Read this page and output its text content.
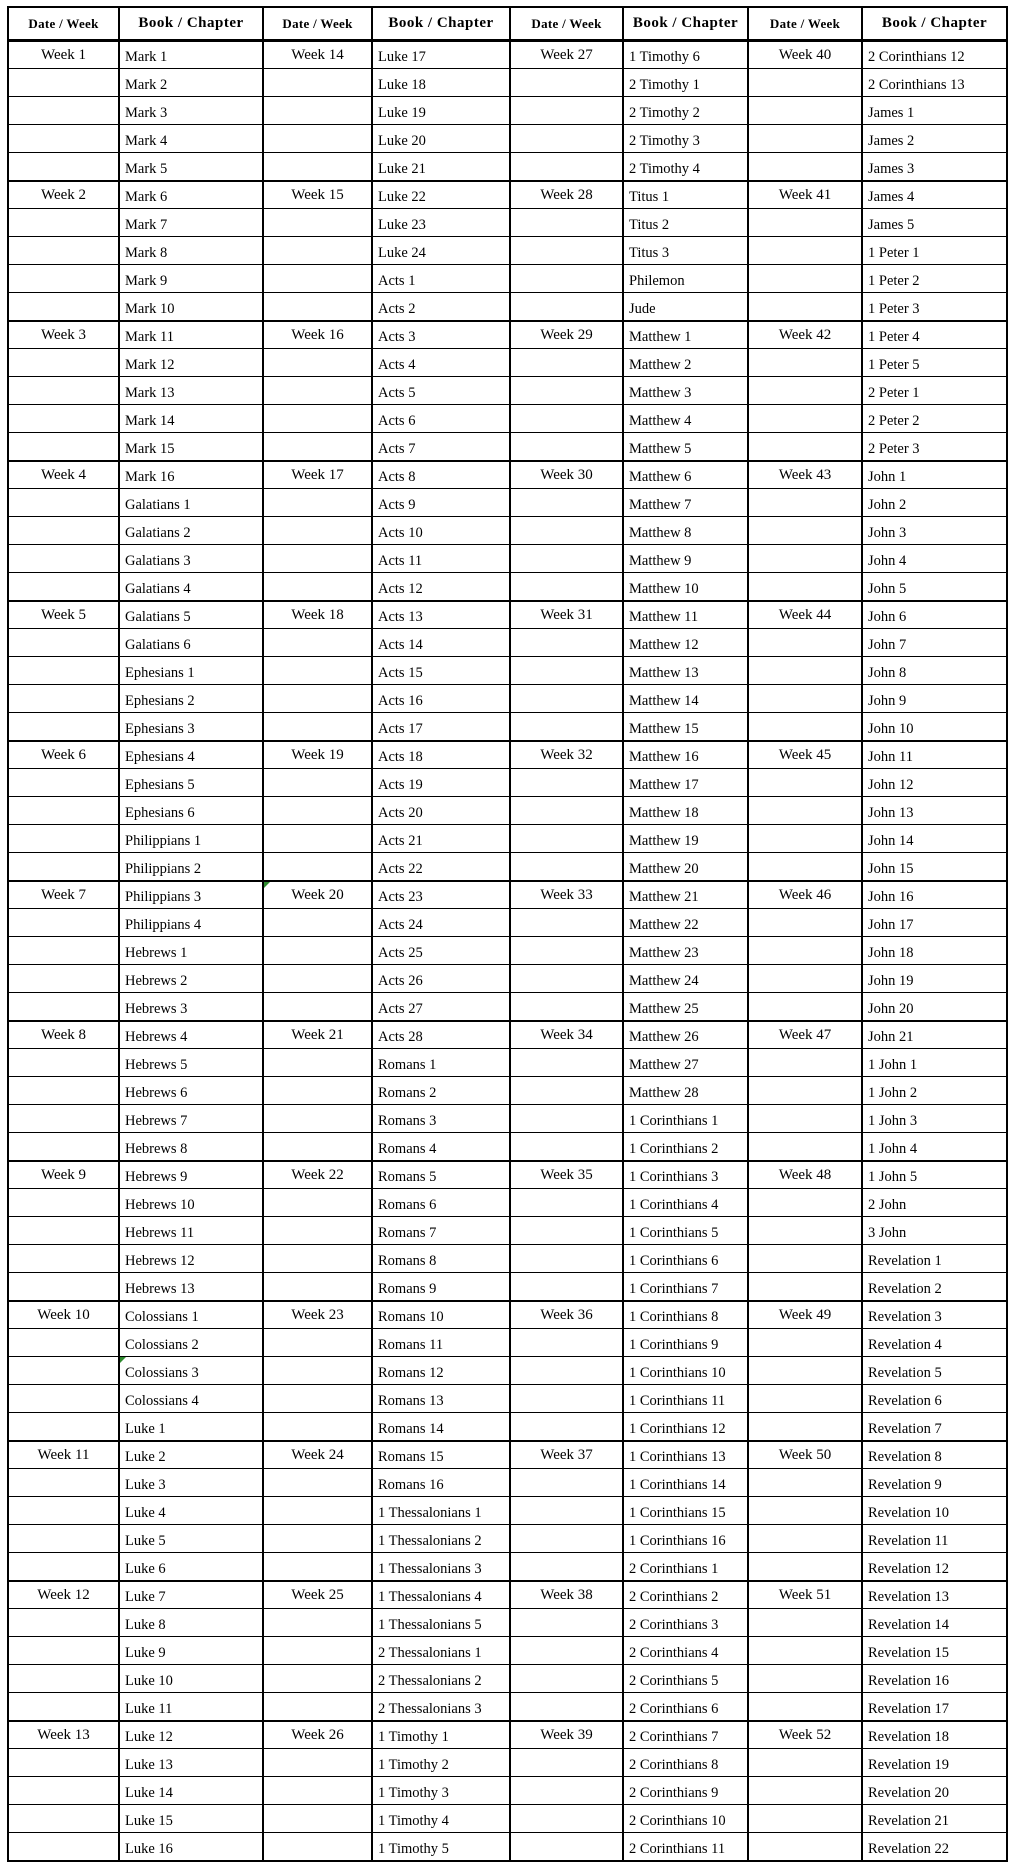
Date / Week
Week 1
Week 2
Week 3
Week 4
Week 5
Week 6
Week 7
Week 8
Week 9
Week 10
Week 11
Week 12
Week 13
Book / Chapter
Mark 1
Mark 2
Mark 3
Mark 4
Mark 5
Mark 6
Mark 7
Mark 8
Mark 9
Mark 10
Mark 11
Mark 12
Mark 13
Mark 14
Mark 15
Mark 16
Galatians 1
Galatians 2
Galatians 3
Galatians 4
Galatians 5
Galatians 6
Ephesians 1
Ephesians 2
Ephesians 3
Ephesians 4
Ephesians 5
Ephesians 6
Philippians 1
Philippians 2
Philippians 3
Philippians 4
Hebrews 1
Hebrews 2
Hebrews 3
Hebrews 4
Hebrews 5
Hebrews 6
Hebrews 7
Hebrews 8
Hebrews 9
Hebrews 10
Hebrews 11
Hebrews 12
Hebrews 13
Colossians 1
Colossians 2
Colossians 3
Colossians 4
Luke 1
Luke 2
Luke 3
Luke 4
Luke 5
Luke 6
Luke 7
Luke 8
Luke 9
Luke 10
Luke 11
Luke 12
Luke 13
Luke 14
Luke 15
Luke 16
Date / Week
Week 14
Week 15
Week 16
Week 17
Week 18
Week 19
Week 20
Week 21
Week 22
Week 23
Week 24
Week 25
Week 26
Book / Chapter
Luke 17
Luke 18
Luke 19
Luke 20
Luke 21
Luke 22
Luke 23
Luke 24
Acts 1
Acts 2
Acts 3
Acts 4
Acts 5
Acts 6
Acts 7
Acts 8
Acts 9
Acts 10
Acts 11
Acts 12
Acts 13
Acts 14
Acts 15
Acts 16
Acts 17
Acts 18
Acts 19
Acts 20
Acts 21
Acts 22
Acts 23
Acts 24
Acts 25
Acts 26
Acts 27
Acts 28
Romans 1
Romans 2
Romans 3
Romans 4
Romans 5
Romans 6
Romans 7
Romans 8
Romans 9
Romans 10
Romans 11
Romans 12
Romans 13
Romans 14
Romans 15
Romans 16
1 Thessalonians 1
1 Thessalonians 2
1 Thessalonians 3
1 Thessalonians 4
1 Thessalonians 5
2 Thessalonians 1
2 Thessalonians 2
2 Thessalonians 3
1 Timothy 1
1 Timothy 2
1 Timothy 3
1 Timothy 4
1 Timothy 5
Date / Week
Week 27
Week 28
Week 29
Week 30
Week 31
Week 32
Week 33
Week 34
Week 35
Week 36
Week 37
Week 38
Week 39
Book / Chapter
1 Timothy 6
2 Timothy 1
2 Timothy 2
2 Timothy 3
2 Timothy 4
Titus 1
Titus 2
Titus 3
Philemon
Jude
Matthew 1
Matthew 2
Matthew 3
Matthew 4
Matthew 5
Matthew 6
Matthew 7
Matthew 8
Matthew 9
Matthew 10
Matthew 11
Matthew 12
Matthew 13
Matthew 14
Matthew 15
Matthew 16
Matthew 17
Matthew 18
Matthew 19
Matthew 20
Matthew 21
Matthew 22
Matthew 23
Matthew 24
Matthew 25
Matthew 26
Matthew 27
Matthew 28
1 Corinthians 1
1 Corinthians 2
1 Corinthians 3
1 Corinthians 4
1 Corinthians 5
1 Corinthians 6
1 Corinthians 7
1 Corinthians 8
1 Corinthians 9
1 Corinthians 10
1 Corinthians 11
1 Corinthians 12
1 Corinthians 13
1 Corinthians 14
1 Corinthians 15
1 Corinthians 16
2 Corinthians 1
2 Corinthians 2
2 Corinthians 3
2 Corinthians 4
2 Corinthians 5
2 Corinthians 6
2 Corinthians 7
2 Corinthians 8
2 Corinthians 9
2 Corinthians 10
2 Corinthians 11
Date / Week
Week 40
Week 41
Week 42
Week 43
Week 44
Week 45
Week 46
Week 47
Week 48
Week 49
Week 50
Week 51
Week 52
Book / Chapter
2 Corinthians 12
2 Corinthians 13
James 1
James 2
James 3
James 4
James 5
1 Peter 1
1 Peter 2
1 Peter 3
1 Peter 4
1 Peter 5
2 Peter 1
2 Peter 2
2 Peter 3
John 1
John 2
John 3
John 4
John 5
John 6
John 7
John 8
John 9
John 10
John 11
John 12
John 13
John 14
John 15
John 16
John 17
John 18
John 19
John 20
John 21
1 John 1
1 John 2
1 John 3
1 John 4
1 John 5
2 John
3 John
Revelation 1
Revelation 2
Revelation 3
Revelation 4
Revelation 5
Revelation 6
Revelation 7
Revelation 8
Revelation 9
Revelation 10
Revelation 11
Revelation 12
Revelation 13
Revelation 14
Revelation 15
Revelation 16
Revelation 17
Revelation 18
Revelation 19
Revelation 20
Revelation 21
Revelation 22
